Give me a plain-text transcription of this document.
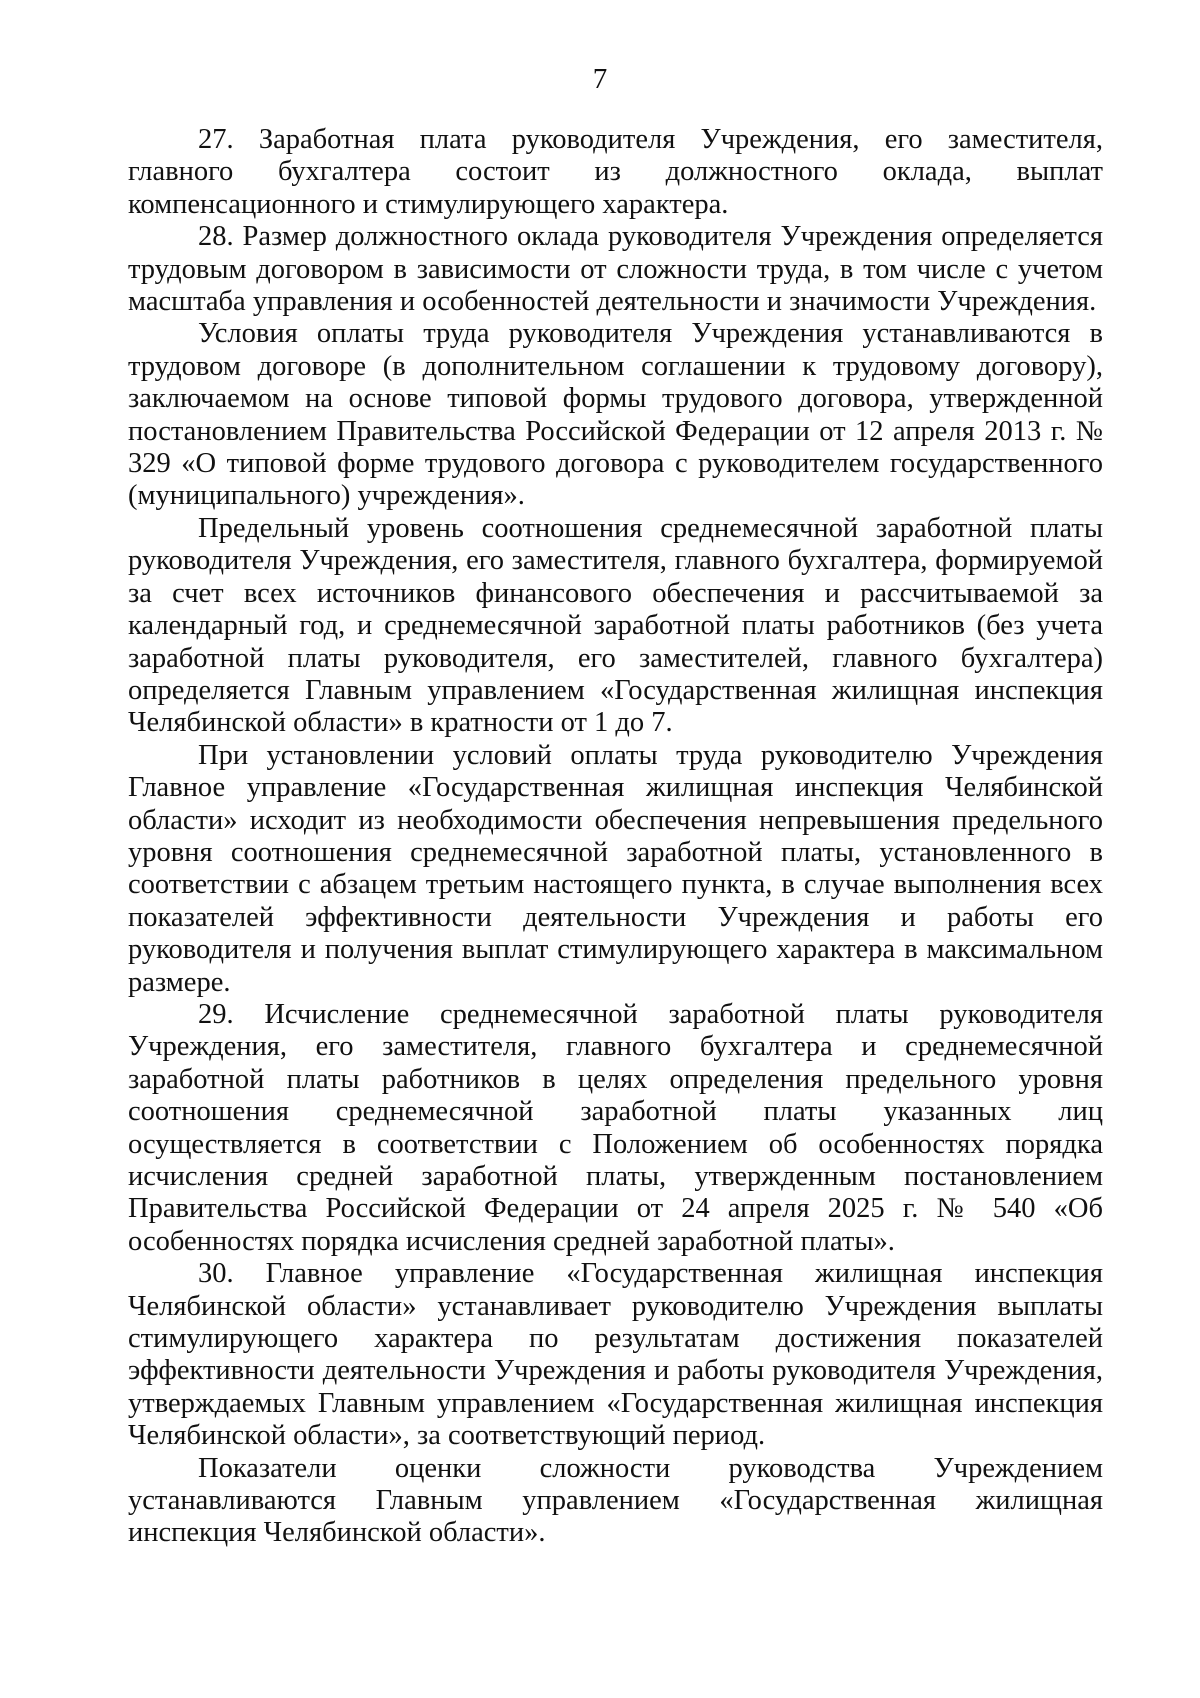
7

27. Заработная плата руководителя Учреждения, его заместителя, главного бухгалтера состоит из должностного оклада, выплат компенсационного и стимулирующего характера.

28. Размер должностного оклада руководителя Учреждения определяется трудовым договором в зависимости от сложности труда, в том числе с учетом масштаба управления и особенностей деятельности и значимости Учреждения.

Условия оплаты труда руководителя Учреждения устанавливаются в трудовом договоре (в дополнительном соглашении к трудовому договору), заключаемом на основе типовой формы трудового договора, утвержденной постановлением Правительства Российской Федерации от 12 апреля 2013 г. № 329 «О типовой форме трудового договора с руководителем государственного (муниципального) учреждения».

Предельный уровень соотношения среднемесячной заработной платы руководителя Учреждения, его заместителя, главного бухгалтера, формируемой за счет всех источников финансового обеспечения и рассчитываемой за календарный год, и среднемесячной заработной платы работников (без учета заработной платы руководителя, его заместителей, главного бухгалтера) определяется Главным управлением «Государственная жилищная инспекция Челябинской области» в кратности от 1 до 7.

При установлении условий оплаты труда руководителю Учреждения Главное управление «Государственная жилищная инспекция Челябинской области» исходит из необходимости обеспечения непревышения предельного уровня соотношения среднемесячной заработной платы, установленного в соответствии с абзацем третьим настоящего пункта, в случае выполнения всех показателей эффективности деятельности Учреждения и работы его руководителя и получения выплат стимулирующего характера в максимальном размере.

29. Исчисление среднемесячной заработной платы руководителя Учреждения, его заместителя, главного бухгалтера и среднемесячной заработной платы работников в целях определения предельного уровня соотношения среднемесячной заработной платы указанных лиц осуществляется в соответствии с Положением об особенностях порядка исчисления средней заработной платы, утвержденным постановлением Правительства Российской Федерации от 24 апреля 2025 г. № 540 «Об особенностях порядка исчисления средней заработной платы».

30. Главное управление «Государственная жилищная инспекция Челябинской области» устанавливает руководителю Учреждения выплаты стимулирующего характера по результатам достижения показателей эффективности деятельности Учреждения и работы руководителя Учреждения, утверждаемых Главным управлением «Государственная жилищная инспекция Челябинской области», за соответствующий период.

Показатели оценки сложности руководства Учреждением устанавливаются Главным управлением «Государственная жилищная инспекция Челябинской области».
